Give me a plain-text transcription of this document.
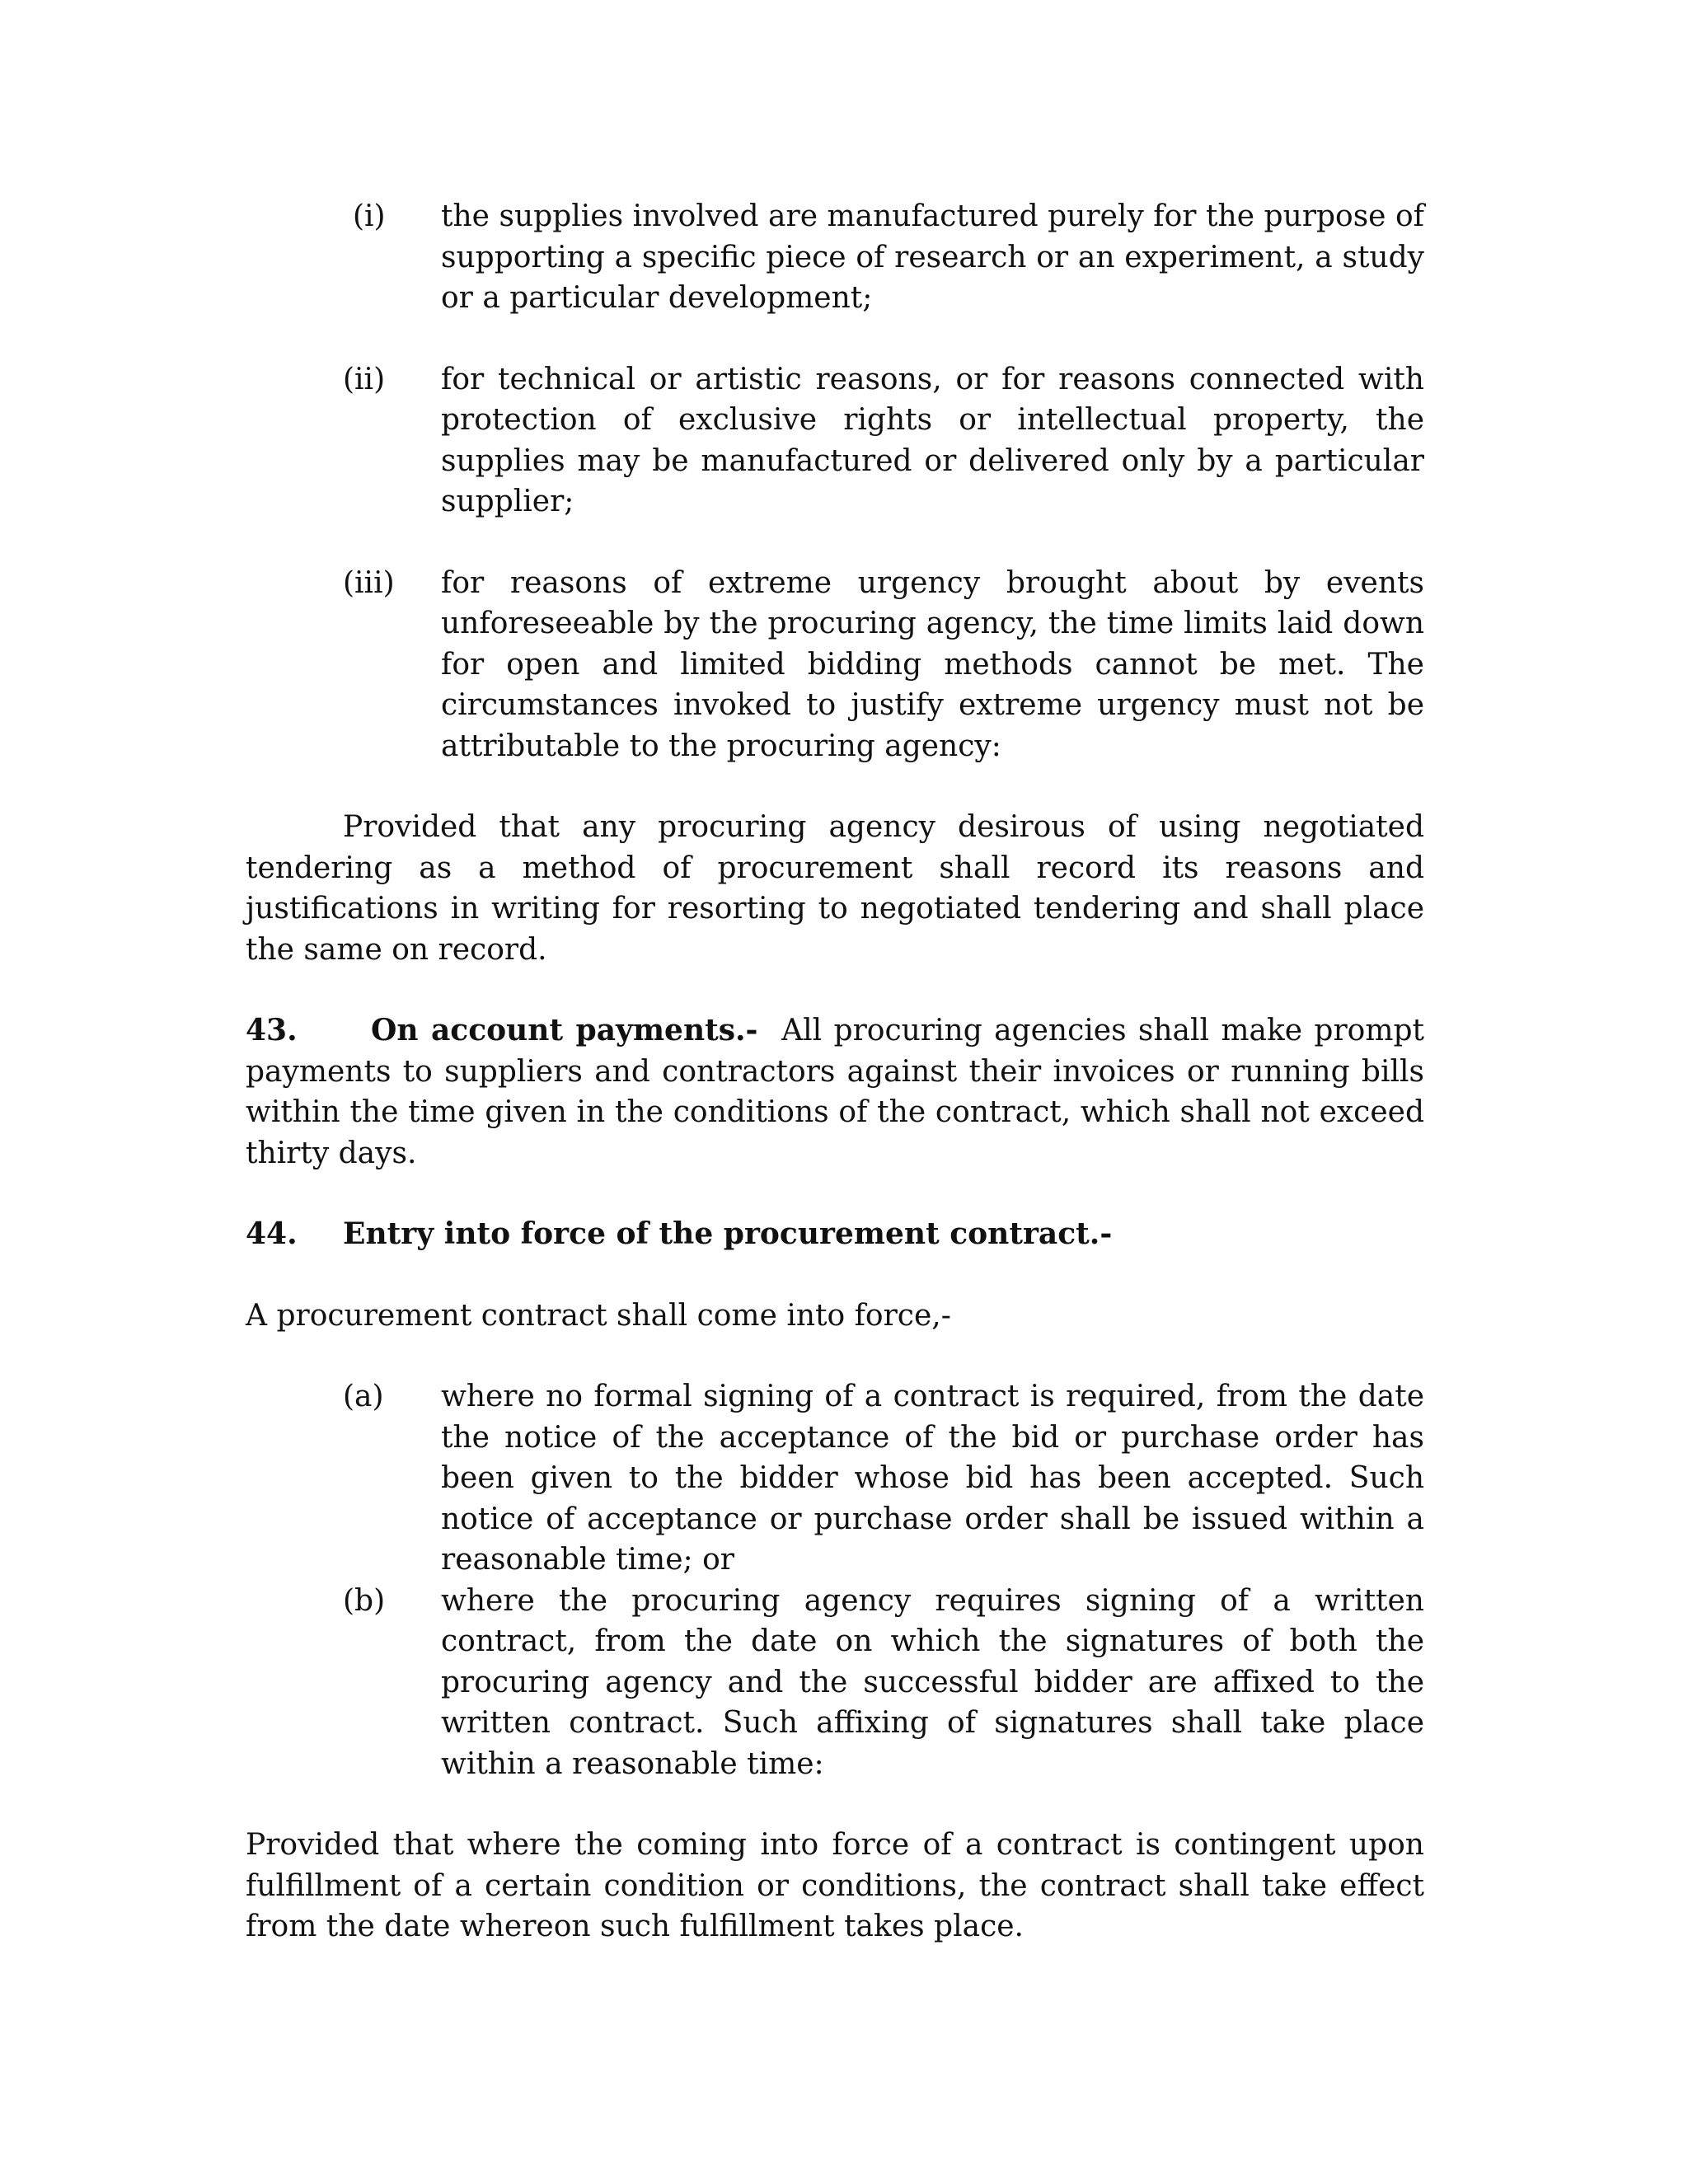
(i)	the supplies involved are manufactured purely for the purpose of supporting a specific piece of research or an experiment, a study or a particular development;
(ii)	for technical or artistic reasons, or for reasons connected with protection of exclusive rights or intellectual property, the supplies may be manufactured or delivered only by a particular supplier;
(iii)	for reasons of extreme urgency brought about by events unforeseeable by the procuring agency, the time limits laid down for open and limited bidding methods cannot be met. The circumstances invoked to justify extreme urgency must not be attributable to the procuring agency:

Provided that any procuring agency desirous of using negotiated tendering as a method of procurement shall record its reasons and justifications in writing for resorting to negotiated tendering and shall place the same on record.

43. On account payments.- All procuring agencies shall make prompt payments to suppliers and contractors against their invoices or running bills within the time given in the conditions of the contract, which shall not exceed thirty days.

44. Entry into force of the procurement contract.-

A procurement contract shall come into force,-

(a)	where no formal signing of a contract is required, from the date the notice of the acceptance of the bid or purchase order has been given to the bidder whose bid has been accepted. Such notice of acceptance or purchase order shall be issued within a reasonable time; or
(b)	where the procuring agency requires signing of a written contract, from the date on which the signatures of both the procuring agency and the successful bidder are affixed to the written contract. Such affixing of signatures shall take place within a reasonable time:

Provided that where the coming into force of a contract is contingent upon fulfillment of a certain condition or conditions, the contract shall take effect from the date whereon such fulfillment takes place.
